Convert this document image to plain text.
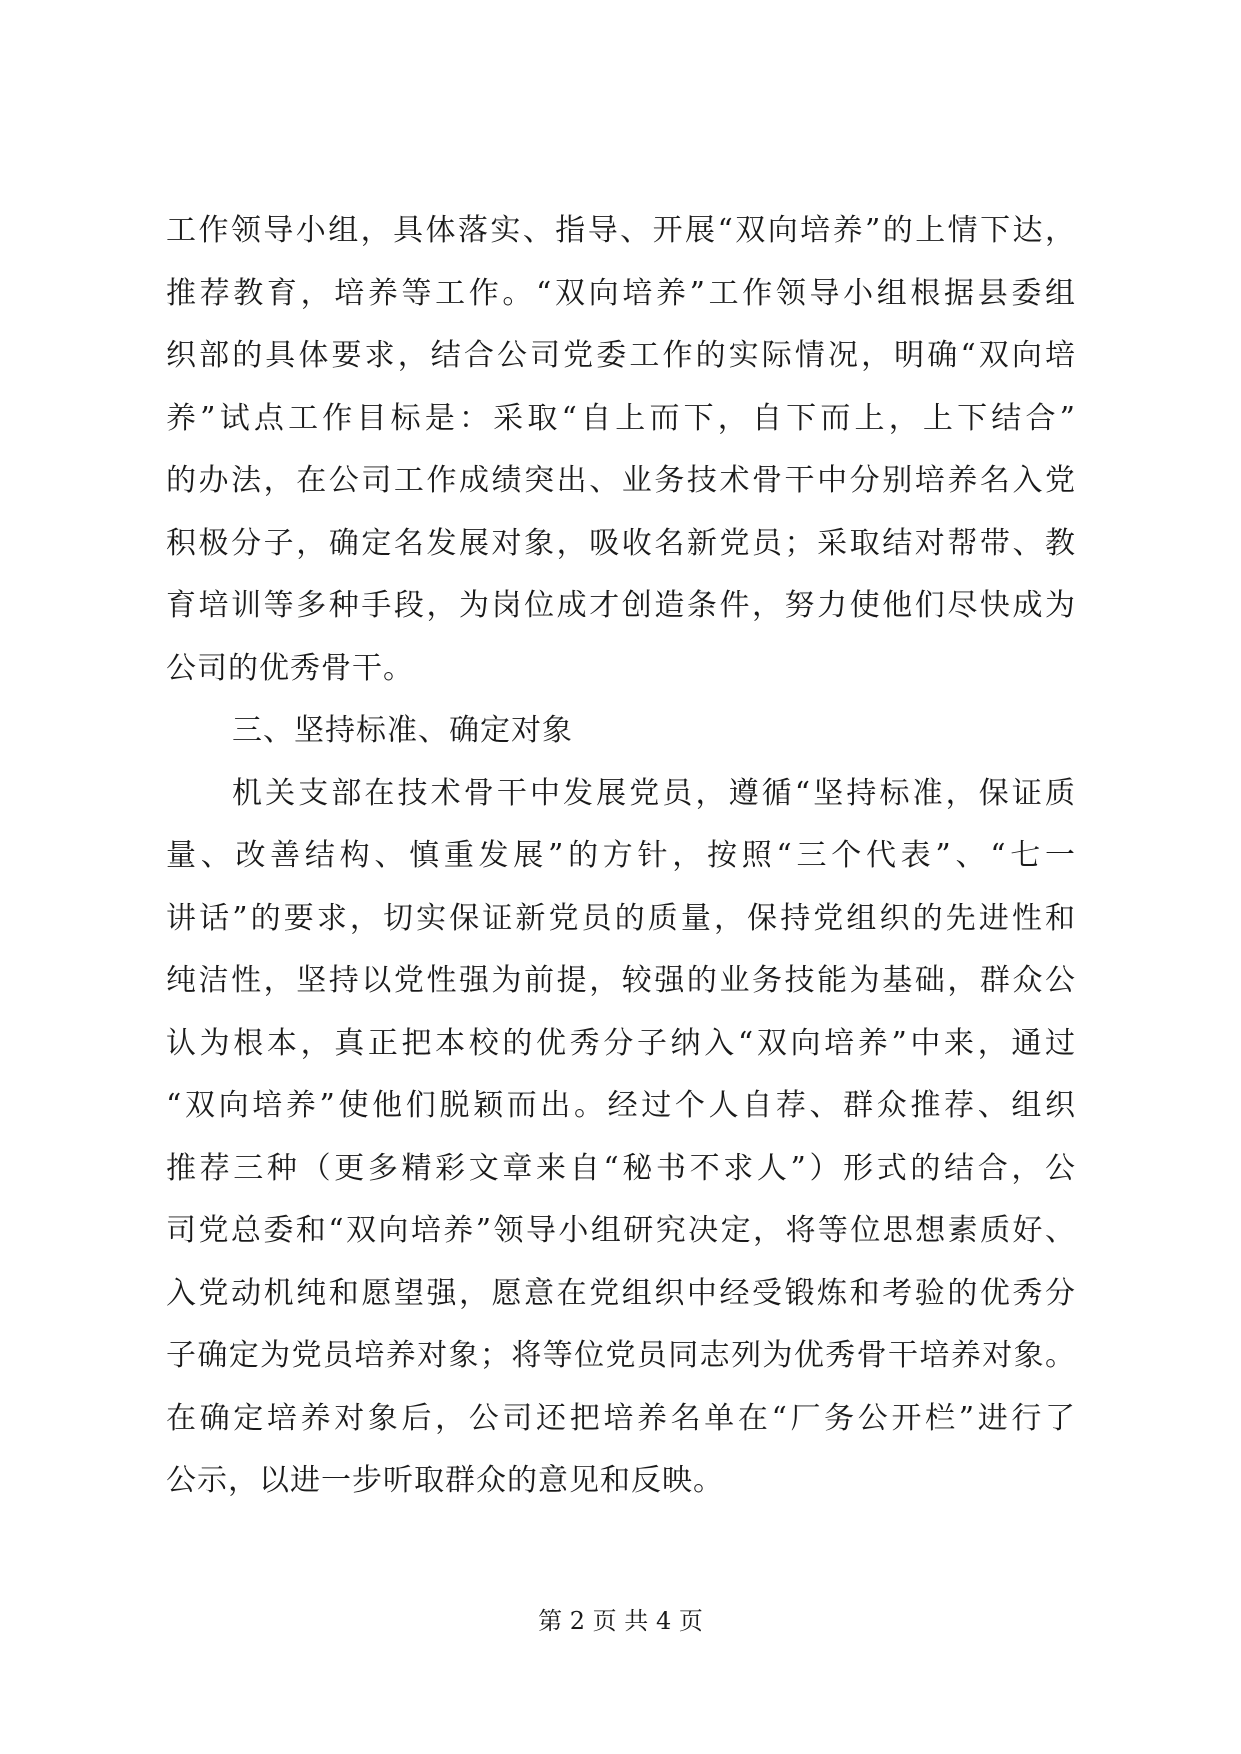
工作领导小组，具体落实、指导、开展“双向培养”的上情下达，
推荐教育，培养等工作。“双向培养”工作领导小组根据县委组
织部的具体要求，结合公司党委工作的实际情况，明确“双向培
养”试点工作目标是：采取“自上而下，自下而上，上下结合”
的办法，在公司工作成绩突出、业务技术骨干中分别培养名入党
积极分子，确定名发展对象，吸收名新党员；采取结对帮带、教
育培训等多种手段，为岗位成才创造条件，努力使他们尽快成为
公司的优秀骨干。
三、坚持标准、确定对象
机关支部在技术骨干中发展党员，遵循“坚持标准，保证质
量、改善结构、慎重发展”的方针，按照“三个代表”、“七一
讲话”的要求，切实保证新党员的质量，保持党组织的先进性和
纯洁性，坚持以党性强为前提，较强的业务技能为基础，群众公
认为根本，真正把本校的优秀分子纳入“双向培养”中来，通过
“双向培养”使他们脱颖而出。经过个人自荐、群众推荐、组织
推荐三种（更多精彩文章来自“秘书不求人”）形式的结合，公
司党总委和“双向培养”领导小组研究决定，将等位思想素质好、
入党动机纯和愿望强，愿意在党组织中经受锻炼和考验的优秀分
子确定为党员培养对象；将等位党员同志列为优秀骨干培养对象。
在确定培养对象后，公司还把培养名单在“厂务公开栏”进行了
公示，以进一步听取群众的意见和反映。
第 2 页 共 4 页
